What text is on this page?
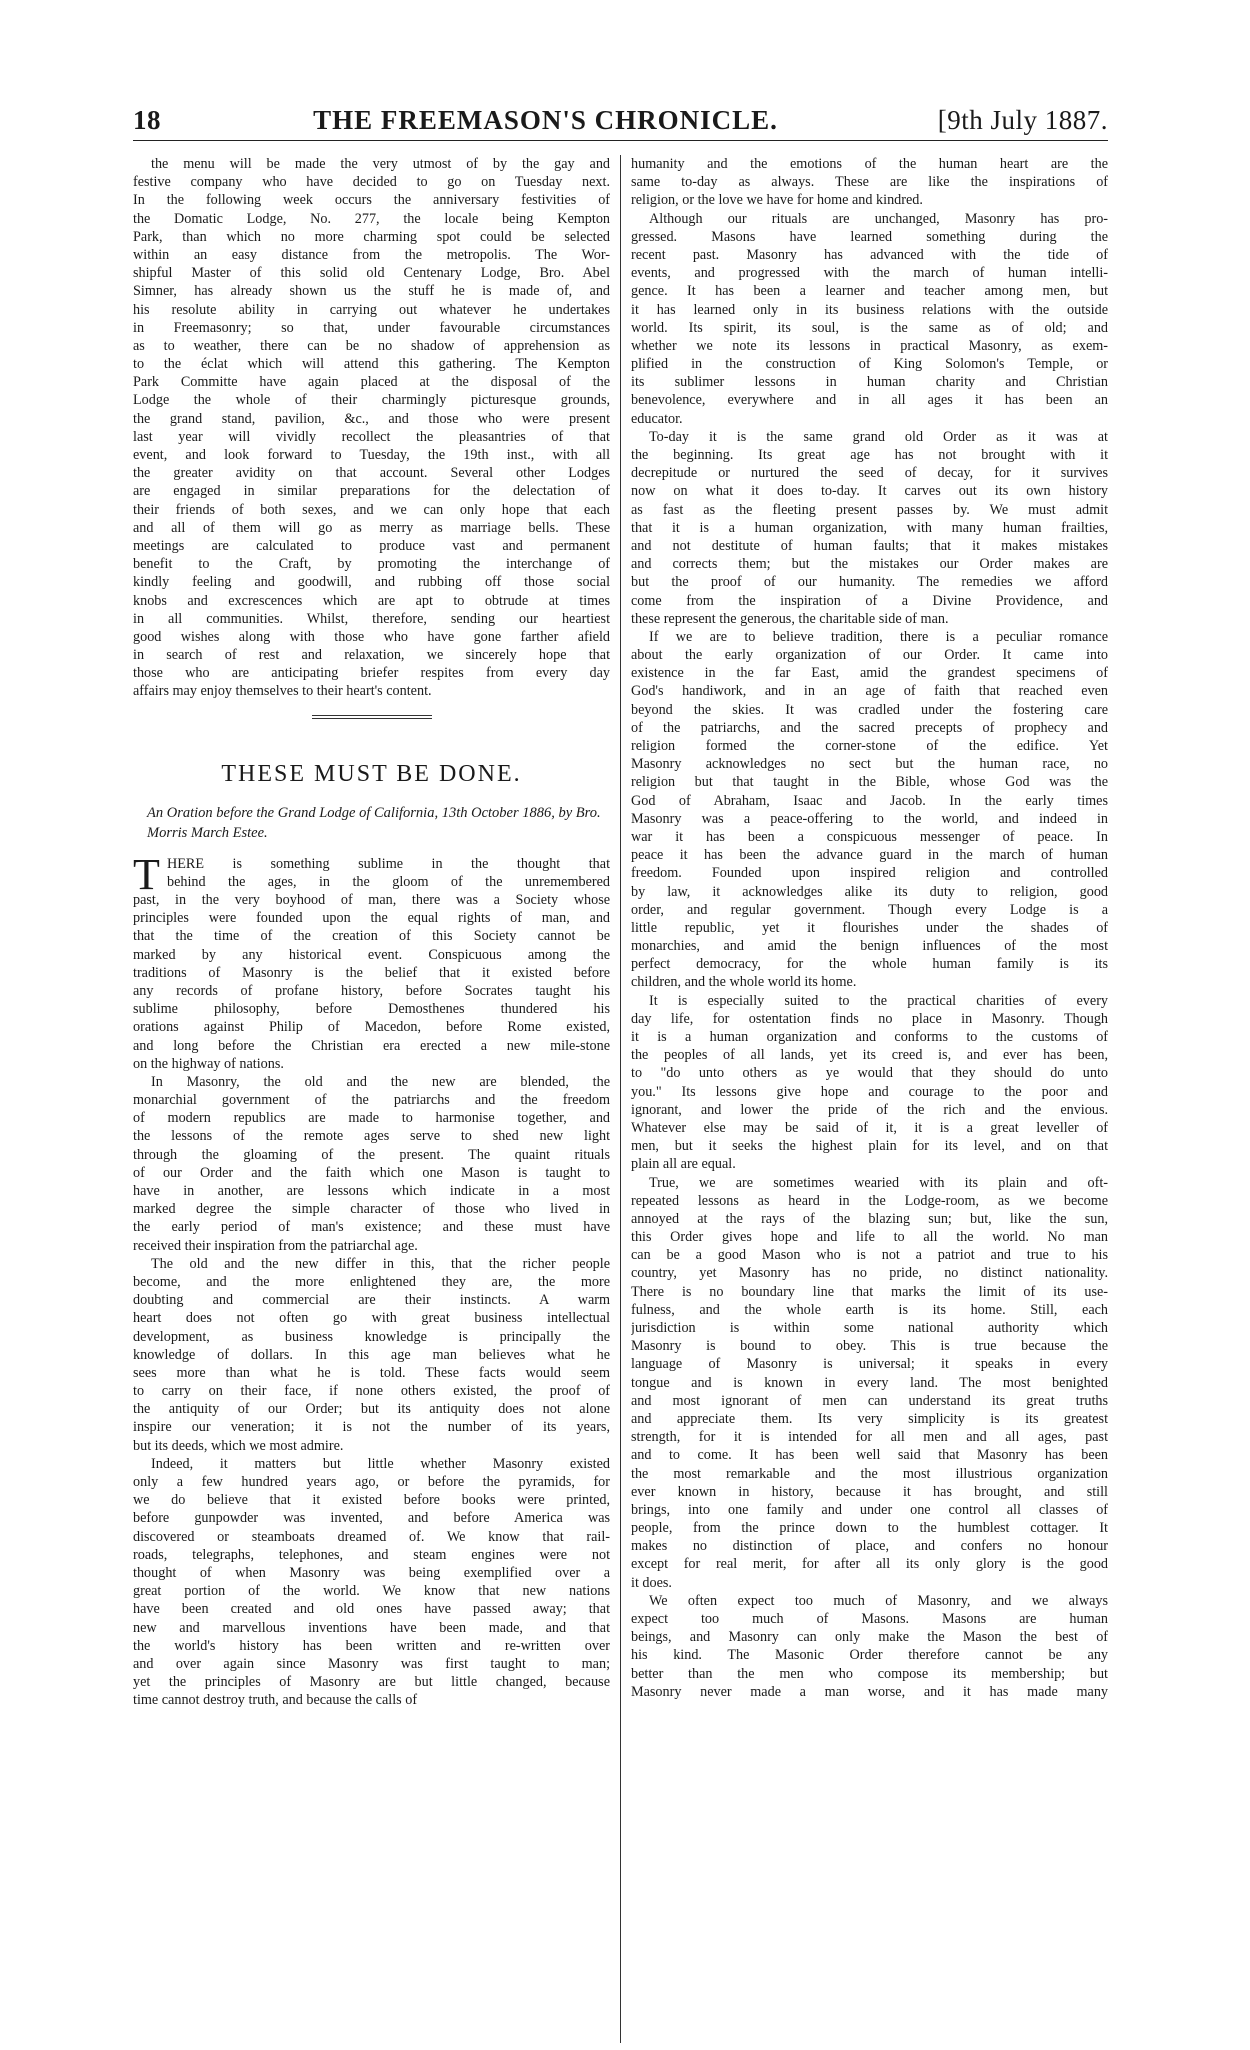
18	THE FREEMASON'S CHRONICLE.	[9th July 1887.
the menu will be made the very utmost of by the gay and
festive company who have decided to go on Tuesday next.
In the following week occurs the anniversary festivities of
the Domatic Lodge, No. 277, the locale being Kempton
Park, than which no more charming spot could be selected
within an easy distance from the metropolis. The Wor-
shipful Master of this solid old Centenary Lodge, Bro. Abel
Simner, has already shown us the stuff he is made of, and
his resolute ability in carrying out whatever he undertakes
in Freemasonry; so that, under favourable circumstances
as to weather, there can be no shadow of apprehension as
to the éclat which will attend this gathering. The Kempton
Park Committe have again placed at the disposal of the
Lodge the whole of their charmingly picturesque grounds,
the grand stand, pavilion, &c., and those who were present
last year will vividly recollect the pleasantries of that
event, and look forward to Tuesday, the 19th inst., with all
the greater avidity on that account. Several other Lodges
are engaged in similar preparations for the delectation of
their friends of both sexes, and we can only hope that each
and all of them will go as merry as marriage bells. These
meetings are calculated to produce vast and permanent
benefit to the Craft, by promoting the interchange of
kindly feeling and goodwill, and rubbing off those social
knobs and excrescences which are apt to obtrude at times
in all communities. Whilst, therefore, sending our heartiest
good wishes along with those who have gone farther afield
in search of rest and relaxation, we sincerely hope that
those who are anticipating briefer respites from every day
affairs may enjoy themselves to their heart's content.
THESE MUST BE DONE.
An Oration before the Grand Lodge of California, 13th October 1886, by Bro. Morris March Estee.
T HERE is something sublime in the thought that
behind the ages, in the gloom of the unremembered
past, in the very boyhood of man, there was a Society whose
principles were founded upon the equal rights of man, and
that the time of the creation of this Society cannot be
marked by any historical event. Conspicuous among the
traditions of Masonry is the belief that it existed before
any records of profane history, before Socrates taught his
sublime philosophy, before Demosthenes thundered his
orations against Philip of Macedon, before Rome existed,
and long before the Christian era erected a new mile-stone
on the highway of nations.
In Masonry, the old and the new are blended, the
monarchial government of the patriarchs and the freedom
of modern republics are made to harmonise together, and
the lessons of the remote ages serve to shed new light
through the gloaming of the present. The quaint rituals
of our Order and the faith which one Mason is taught to
have in another, are lessons which indicate in a most
marked degree the simple character of those who lived in
the early period of man's existence; and these must have
received their inspiration from the patriarchal age.
The old and the new differ in this, that the richer people
become, and the more enlightened they are, the more
doubting and commercial are their instincts. A warm
heart does not often go with great business intellectual
development, as business knowledge is principally the
knowledge of dollars. In this age man believes what he
sees more than what he is told. These facts would seem
to carry on their face, if none others existed, the proof of
the antiquity of our Order; but its antiquity does not alone
inspire our veneration; it is not the number of its years,
but its deeds, which we most admire.
Indeed, it matters but little whether Masonry existed
only a few hundred years ago, or before the pyramids, for
we do believe that it existed before books were printed,
before gunpowder was invented, and before America was
discovered or steamboats dreamed of. We know that rail-
roads, telegraphs, telephones, and steam engines were not
thought of when Masonry was being exemplified over a
great portion of the world. We know that new nations
have been created and old ones have passed away; that
new and marvellous inventions have been made, and that
the world's history has been written and re-written over
and over again since Masonry was first taught to man;
yet the principles of Masonry are but little changed, because
time cannot destroy truth, and because the calls of
humanity and the emotions of the human heart are the
same to-day as always. These are like the inspirations of
religion, or the love we have for home and kindred.
Although our rituals are unchanged, Masonry has pro-
gressed. Masons have learned something during the
recent past. Masonry has advanced with the tide of
events, and progressed with the march of human intelli-
gence. It has been a learner and teacher among men, but
it has learned only in its business relations with the outside
world. Its spirit, its soul, is the same as of old; and
whether we note its lessons in practical Masonry, as exem-
plified in the construction of King Solomon's Temple, or
its sublimer lessons in human charity and Christian
benevolence, everywhere and in all ages it has been an
educator.
To-day it is the same grand old Order as it was at
the beginning. Its great age has not brought with it
decrepitude or nurtured the seed of decay, for it survives
now on what it does to-day. It carves out its own history
as fast as the fleeting present passes by. We must admit
that it is a human organization, with many human frailties,
and not destitute of human faults; that it makes mistakes
and corrects them; but the mistakes our Order makes are
but the proof of our humanity. The remedies we afford
come from the inspiration of a Divine Providence, and
these represent the generous, the charitable side of man.
If we are to believe tradition, there is a peculiar romance
about the early organization of our Order. It came into
existence in the far East, amid the grandest specimens of
God's handiwork, and in an age of faith that reached even
beyond the skies. It was cradled under the fostering care
of the patriarchs, and the sacred precepts of prophecy and
religion formed the corner-stone of the edifice. Yet
Masonry acknowledges no sect but the human race, no
religion but that taught in the Bible, whose God was the
God of Abraham, Isaac and Jacob. In the early times
Masonry was a peace-offering to the world, and indeed in
war it has been a conspicuous messenger of peace. In
peace it has been the advance guard in the march of human
freedom. Founded upon inspired religion and controlled
by law, it acknowledges alike its duty to religion, good
order, and regular government. Though every Lodge is a
little republic, yet it flourishes under the shades of
monarchies, and amid the benign influences of the most
perfect democracy, for the whole human family is its
children, and the whole world its home.
It is especially suited to the practical charities of every
day life, for ostentation finds no place in Masonry. Though
it is a human organization and conforms to the customs of
the peoples of all lands, yet its creed is, and ever has been,
to "do unto others as ye would that they should do unto
you." Its lessons give hope and courage to the poor and
ignorant, and lower the pride of the rich and the envious.
Whatever else may be said of it, it is a great leveller of
men, but it seeks the highest plain for its level, and on that
plain all are equal.
True, we are sometimes wearied with its plain and oft-
repeated lessons as heard in the Lodge-room, as we become
annoyed at the rays of the blazing sun; but, like the sun,
this Order gives hope and life to all the world. No man
can be a good Mason who is not a patriot and true to his
country, yet Masonry has no pride, no distinct nationality.
There is no boundary line that marks the limit of its use-
fulness, and the whole earth is its home. Still, each
jurisdiction is within some national authority which
Masonry is bound to obey. This is true because the
language of Masonry is universal; it speaks in every
tongue and is known in every land. The most benighted
and most ignorant of men can understand its great truths
and appreciate them. Its very simplicity is its greatest
strength, for it is intended for all men and all ages, past
and to come. It has been well said that Masonry has been
the most remarkable and the most illustrious organization
ever known in history, because it has brought, and still
brings, into one family and under one control all classes of
people, from the prince down to the humblest cottager. It
makes no distinction of place, and confers no honour
except for real merit, for after all its only glory is the good
it does.
We often expect too much of Masonry, and we always
expect too much of Masons. Masons are human
beings, and Masonry can only make the Mason the best of
his kind. The Masonic Order therefore cannot be any
better than the men who compose its membership; but
Masonry never made a man worse, and it has made many
